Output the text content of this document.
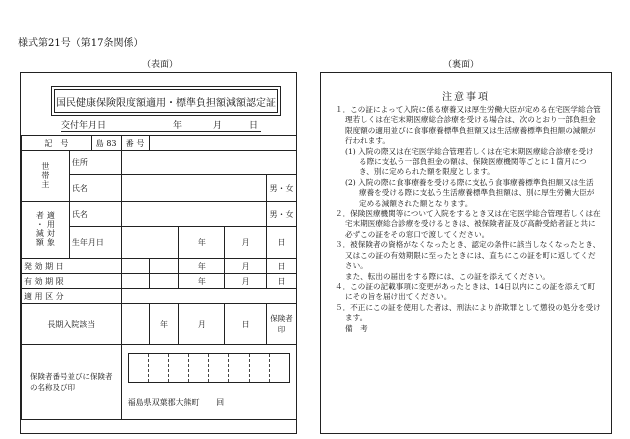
様式第21号（第17条関係）
（表面）	（裏面）
国民健康保険限度額適用・標準負担額減額認定証
交付年月日	年	月	日
記　号		島 83	番 号				
世帯主	住所						
	氏名						男・女
適用対象者・減額	氏名						男・女
	生年月日				年	月	日
発 効 期 日					年	月	日
有 効 期 限					年	月	日
適 用 区 分							
長期入院該当				年	月	日	保険者印
保険者番号並びに保険者の名称及び印			福島県双葉郡大熊町 回				
注意事項

１．この証によって入院に係る療養又は厚生労働大臣が定める在宅医学総合管理若しくは在宅末期医療総合診療を受ける場合は、次のとおり一部負担金限度額の適用並びに食事療養標準負担額又は生活療養標準負担額の減額が行われます。

(1) 入院の際又は在宅医学総合管理若しくは在宅末期医療総合診療を受ける際に支払う一部負担金の額は、保険医療機関等ごとに１箇月につき、別に定められた額を限度とします。

(2) 入院の際に食事療養を受ける際に支払う食事療養標準負担額又は生活療養を受ける際に支払う生活療養標準負担額は、別に厚生労働大臣が定める減額された額となります。

２．保険医療機関等について入院をするとき又は在宅医学総合管理若しくは在宅末期医療総合診療を受けるときは、被保険者証及び高齢受給者証と共に必ずこの証をその窓口で渡してください。

３．被保険者の資格がなくなったとき、認定の条件に該当しなくなったとき、又はこの証の有効期限に至ったときには、直ちにこの証を町に返してください。

また、転出の届出をする際には、この証を添えてください。

４．この証の記載事項に変更があったときは、14日以内にこの証を添えて町にその旨を届け出てください。

５．不正にこの証を使用した者は、刑法により詐欺罪として懲役の処分を受けます。

備　考
